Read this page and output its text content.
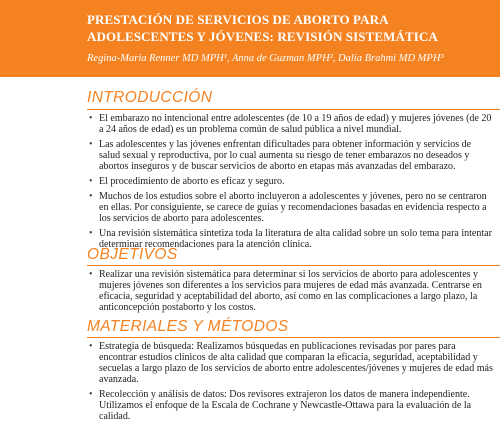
PRESTACIÓN DE SERVICIOS DE ABORTO PARA
ADOLESCENTES Y JÓVENES: REVISIÓN SISTEMÁTICA
Regina-Maria Renner MD MPH¹, Anna de Guzman MPH², Dalia Brahmi MD MPH³
INTRODUCCIÓN
• El embarazo no intencional entre adolescentes (de 10 a 19 años de edad) y mujeres jóvenes (de 20 a 24 años de edad) es un problema común de salud pública a nivel mundial.
• Las adolescentes y las jóvenes enfrentan dificultades para obtener información y servicios de salud sexual y reproductiva, por lo cual aumenta su riesgo de tener embarazos no deseados y abortos inseguros y de buscar servicios de aborto en etapas más avanzadas del embarazo.
• El procedimiento de aborto es eficaz y seguro.
• Muchos de los estudios sobre el aborto incluyeron a adolescentes y jóvenes, pero no se centraron en ellas. Por consiguiente, se carece de guías y recomendaciones basadas en evidencia respecto a los servicios de aborto para adolescentes.
• Una revisión sistemática sintetiza toda la literatura de alta calidad sobre un solo tema para intentar determinar recomendaciones para la atención clínica.
OBJETIVOS
• Realizar una revisión sistemática para determinar si los servicios de aborto para adolescentes y mujeres jóvenes son diferentes a los servicios para mujeres de edad más avanzada. Centrarse en eficacia, seguridad y aceptabilidad del aborto, así como en las complicaciones a largo plazo, la anticoncepción postaborto y los costos.
MATERIALES Y MÉTODOS
• Estrategia de búsqueda: Realizamos búsquedas en publicaciones revisadas por pares para encontrar estudios clínicos de alta calidad que comparan la eficacia, seguridad, aceptabilidad y secuelas a largo plazo de los servicios de aborto entre adolescentes/jóvenes y mujeres de edad más avanzada.
• Recolección y análisis de datos: Dos revisores extrajeron los datos de manera independiente. Utilizamos el enfoque de la Escala de Cochrane y Newcastle-Ottawa para la evaluación de la calidad.
